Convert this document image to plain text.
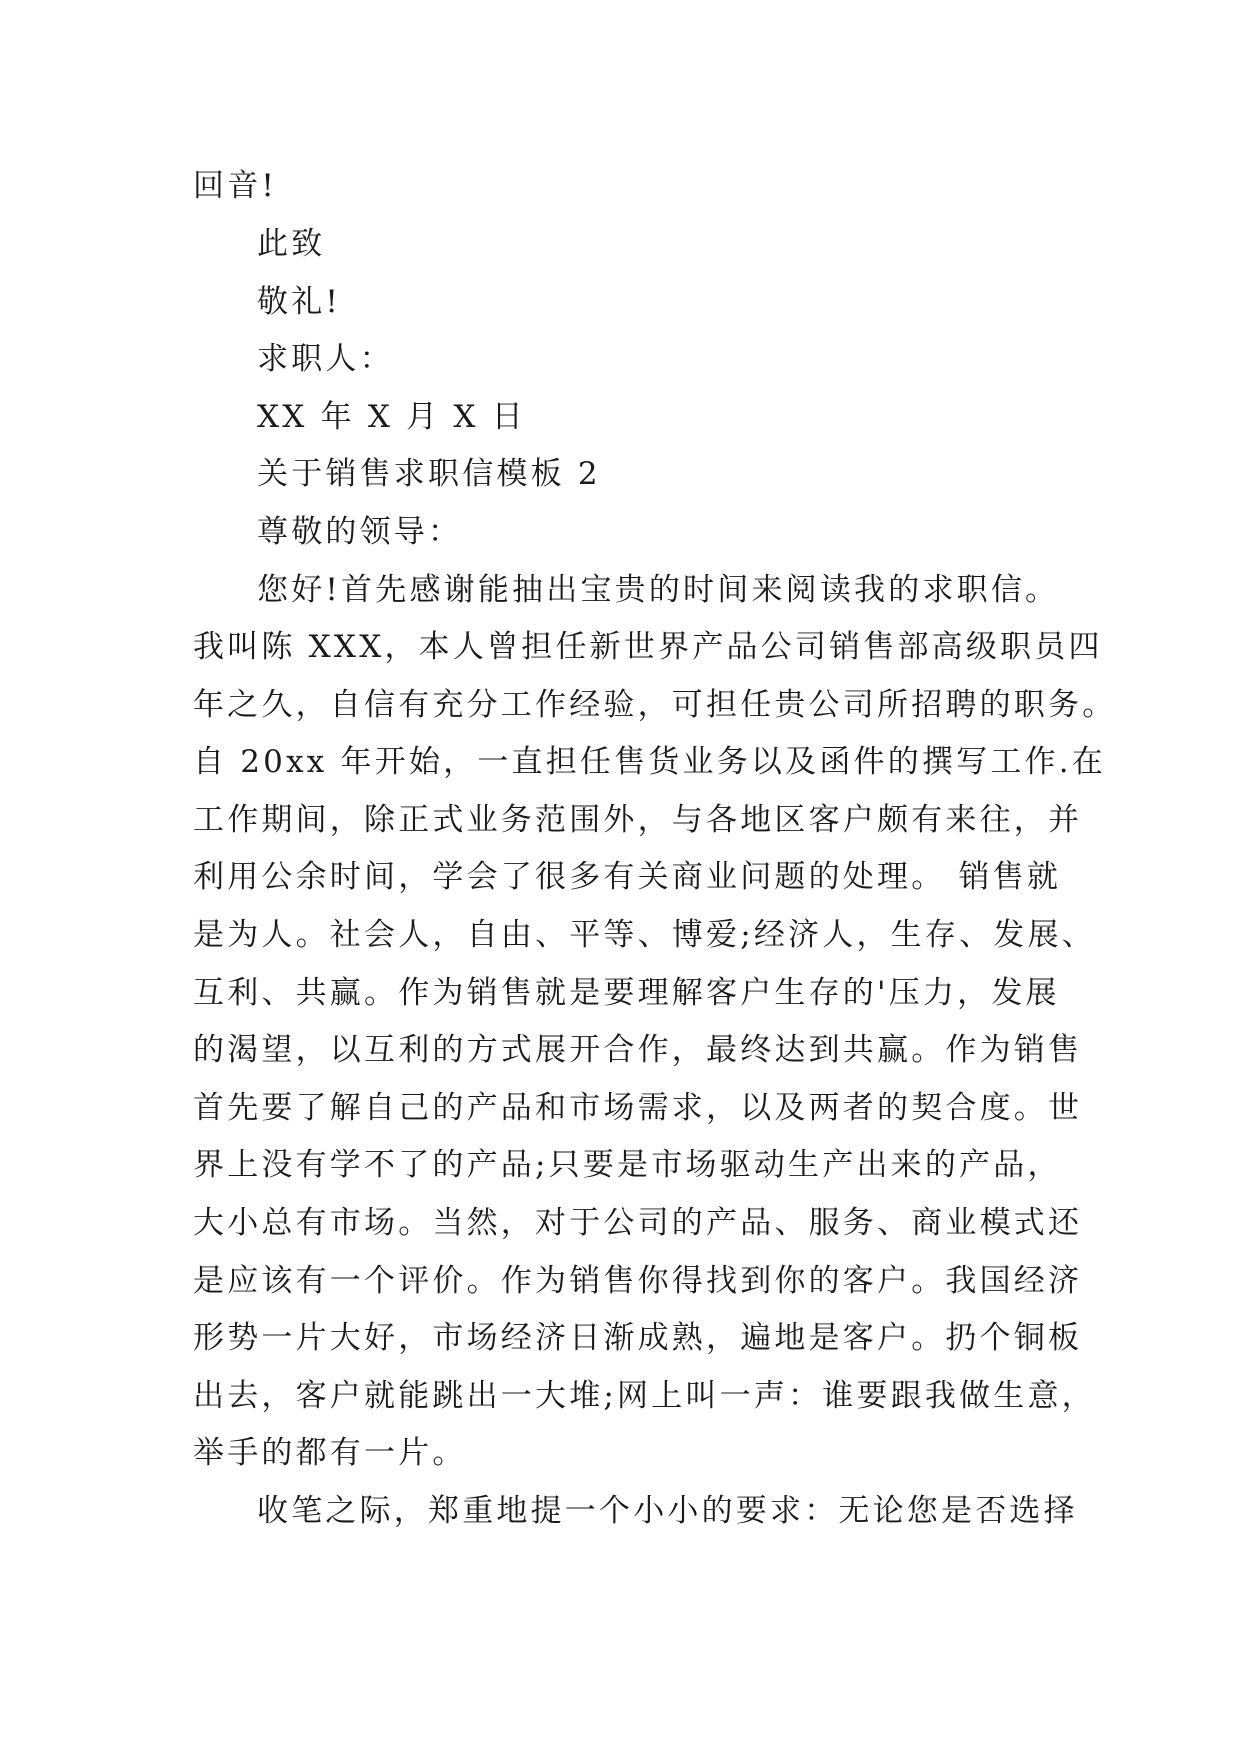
回音!
此致
敬礼!
求职人：
XX 年 X 月 X 日
关于销售求职信模板 2
尊敬的领导：
您好!首先感谢能抽出宝贵的时间来阅读我的求职信。
我叫陈 XXX，本人曾担任新世界产品公司销售部高级职员四
年之久，自信有充分工作经验，可担任贵公司所招聘的职务。
自 20xx 年开始，一直担任售货业务以及函件的撰写工作.在
工作期间，除正式业务范围外，与各地区客户颇有来往，并
利用公余时间，学会了很多有关商业问题的处理。 销售就
是为人。社会人，自由、平等、博爱;经济人，生存、发展、
互利、共赢。作为销售就是要理解客户生存的'压力，发展
的渴望，以互利的方式展开合作，最终达到共赢。作为销售
首先要了解自己的产品和市场需求，以及两者的契合度。世
界上没有学不了的产品;只要是市场驱动生产出来的产品，
大小总有市场。当然，对于公司的产品、服务、商业模式还
是应该有一个评价。作为销售你得找到你的客户。我国经济
形势一片大好，市场经济日渐成熟，遍地是客户。扔个铜板
出去，客户就能跳出一大堆;网上叫一声：谁要跟我做生意，
举手的都有一片。
收笔之际，郑重地提一个小小的要求：无论您是否选择
